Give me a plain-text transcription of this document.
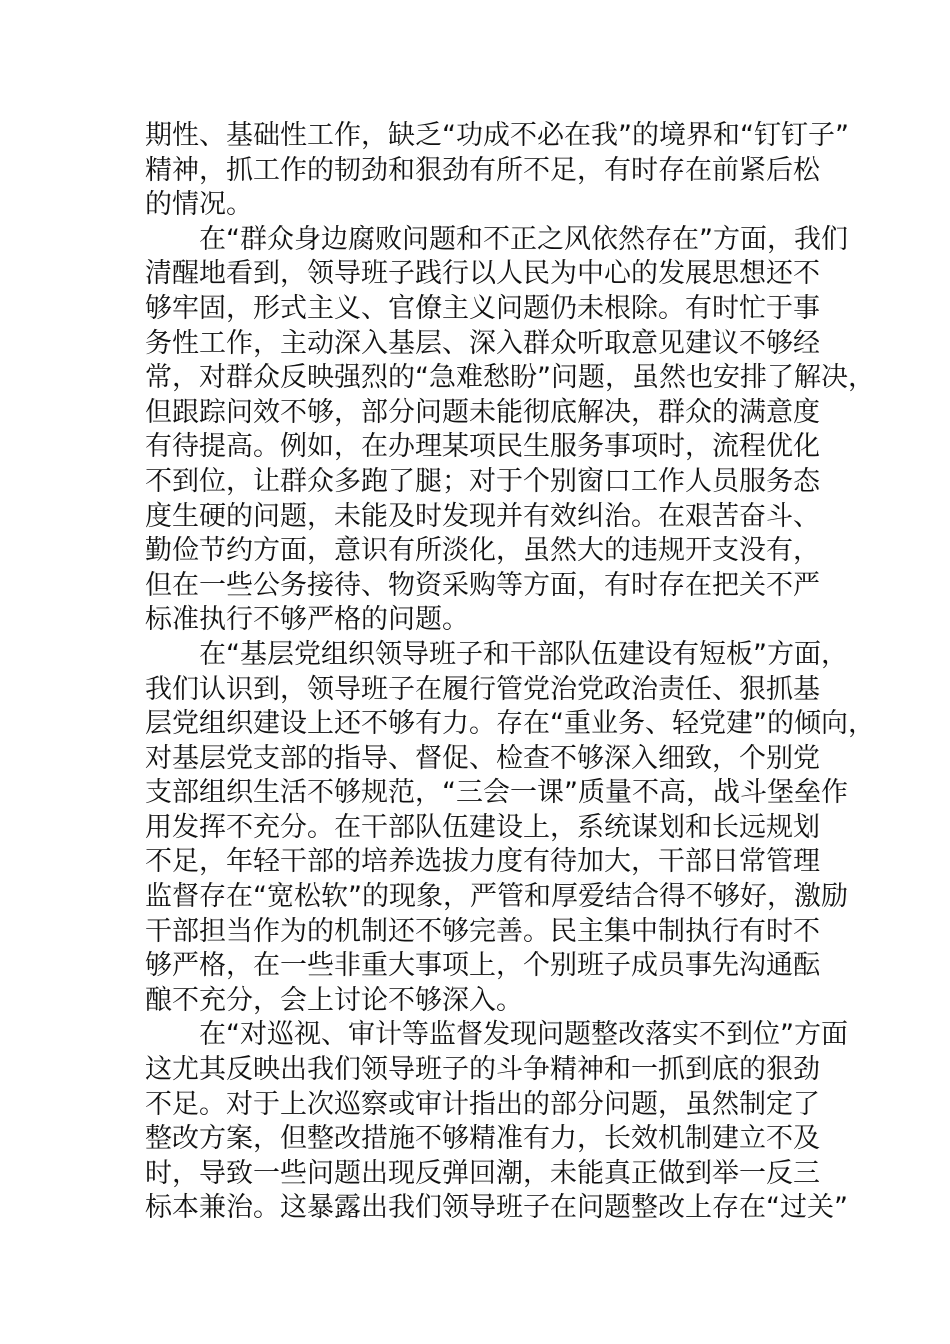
期性、基础性工作，缺乏“功成不必在我”的境界和“钉钉子”
精神，抓工作的韧劲和狠劲有所不足，有时存在前紧后松
的情况。
在“群众身边腐败问题和不正之风依然存在”方面，我们
清醒地看到，领导班子践行以人民为中心的发展思想还不
够牢固，形式主义、官僚主义问题仍未根除。有时忙于事
务性工作，主动深入基层、深入群众听取意见建议不够经
常，对群众反映强烈的“急难愁盼”问题，虽然也安排了解决，
但跟踪问效不够，部分问题未能彻底解决，群众的满意度
有待提高。例如，在办理某项民生服务事项时，流程优化
不到位，让群众多跑了腿；对于个别窗口工作人员服务态
度生硬的问题，未能及时发现并有效纠治。在艰苦奋斗、
勤俭节约方面，意识有所淡化，虽然大的违规开支没有，
但在一些公务接待、物资采购等方面，有时存在把关不严
标准执行不够严格的问题。
在“基层党组织领导班子和干部队伍建设有短板”方面，
我们认识到，领导班子在履行管党治党政治责任、狠抓基
层党组织建设上还不够有力。存在“重业务、轻党建”的倾向，
对基层党支部的指导、督促、检查不够深入细致，个别党
支部组织生活不够规范，“三会一课”质量不高，战斗堡垒作
用发挥不充分。在干部队伍建设上，系统谋划和长远规划
不足，年轻干部的培养选拔力度有待加大，干部日常管理
监督存在“宽松软”的现象，严管和厚爱结合得不够好，激励
干部担当作为的机制还不够完善。民主集中制执行有时不
够严格，在一些非重大事项上，个别班子成员事先沟通酝
酿不充分，会上讨论不够深入。
在“对巡视、审计等监督发现问题整改落实不到位”方面
这尤其反映出我们领导班子的斗争精神和一抓到底的狠劲
不足。对于上次巡察或审计指出的部分问题，虽然制定了
整改方案，但整改措施不够精准有力，长效机制建立不及
时，导致一些问题出现反弹回潮，未能真正做到举一反三
标本兼治。这暴露出我们领导班子在问题整改上存在“过关”
